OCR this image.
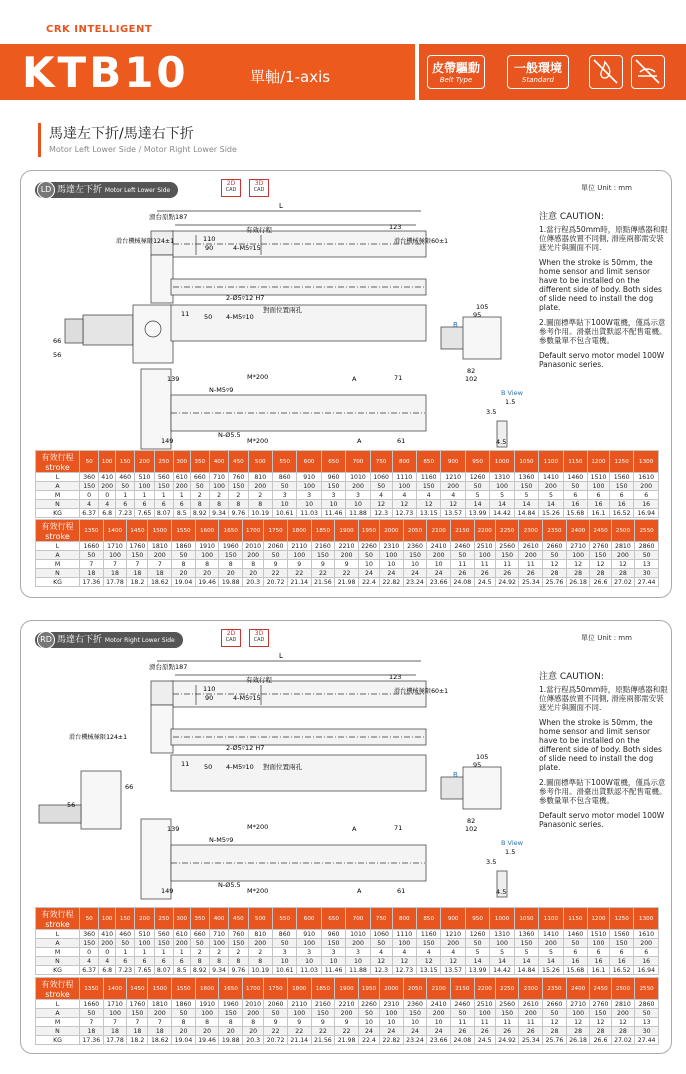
CRK INTELLIGENT
KTB10	單軸/1-axis	皮帶驅動
Belt Type
一般環境
Standard
馬達左下折/馬達右下折
Motor Left Lower Side / Motor Right Lower Side
LD 馬達左下折 Motor Left Lower Side
2D
CAD
3D
CAD	單位 Unit : mm
L
滑台原點187
有效行程	123
滑台機械極限124±1	滑台機械極限60±1
110
90	4-M5▿15
2-Ø5▿12 H7
11 50 4-M5▿10
對面位置兩孔	105
95
B
82
102
66
56
139
N-M5▿9
M*200	A	71
149
N-Ø5.5
M*200	A	61
B View
1.5
3.5
4.5
注意 CAUTION:

1.當行程爲50mm時，原點傳感器和限位傳感器放置不同側, 滑座兩都需安裝遮光片與圖面不同.

When the stroke is 50mm, the home sensor and limit sensor have to be installed on the different side of body. Both sides of slide need to install the dog plate.

2.圖面標準貼下100W電機，僅爲示意參考作用。滑臺出貨默認不配售電機。參數量單不包含電機。

Default servo motor model 100W Panasonic series.

有效行程
stroke	50	100	150	200	250	300	350	400	450	500	550	600	650	700	750	800	850	900	950	1000	1050	1100	1150	1200	1250	1300
L	360	410	460	510	560	610	660	710	760	810	860	910	960	1010	1060	1110	1160	1210	1260	1310	1360	1410	1460	1510	1560	1610
A	150	200	50	100	150	200	50	100	150	200	50	100	150	200	50	100	150	200	50	100	150	200	50	100	150	200
M	0	0	1	1	1	1	2	2	2	2	3	3	3	3	4	4	4	4	5	5	5	5	6	6	6	6
N	4	4	6	6	6	6	8	8	8	8	10	10	10	10	12	12	12	12	14	14	14	14	16	16	16	16
KG	6.37	6.8	7.23	7.65	8.07	8.5	8.92	9.34	9.76	10.19	10.61	11.03	11.46	11.88	12.3	12.73	13.15	13.57	13.99	14.42	14.84	15.26	15.68	16.1	16.52	16.94
有效行程
stroke	1350	1400	1450	1500	1550	1600	1650	1700	1750	1800	1850	1900	1950	2000	2050	2100	2150	2200	2250	2300	2350	2400	2450	2500	2550
L	1660	1710	1760	1810	1860	1910	1960	2010	2060	2110	2160	2210	2260	2310	2360	2410	2460	2510	2560	2610	2660	2710	2760	2810	2860
A	50	100	150	200	50	100	150	200	50	100	150	200	50	100	150	200	50	100	150	200	50	100	150	200	50
M	7	7	7	7	8	8	8	8	9	9	9	9	10	10	10	10	11	11	11	11	12	12	12	12	13
N	18	18	18	18	20	20	20	20	22	22	22	22	24	24	24	24	26	26	26	26	28	28	28	28	30
KG	17.36	17.78	18.2	18.62	19.04	19.46	19.88	20.3	20.72	21.14	21.56	21.98	22.4	22.82	23.24	23.66	24.08	24.5	24.92	25.34	25.76	26.18	26.6	27.02	27.44
RD 馬達右下折 Motor Right Lower Side
2D
CAD
3D
CAD	單位 Unit : mm
L
滑台原點187
有效行程	123
滑台機械極限60±1
110
90	4-M5▿15
滑台機械極限124±1
2-Ø5▿12 H7
11 50 4-M5▿10 對面位置兩孔
105
95
B
82
102
66
56
139
N-M5▿9
M*200	A	71
149
N-Ø5.5
M*200	A	61
B View
1.5
3.5
4.5
注意 CAUTION:

1.當行程爲50mm時，原點傳感器和限位傳感器放置不同側, 滑座兩都需安裝遮光片與圖面不同.

When the stroke is 50mm, the home sensor and limit sensor have to be installed on the different side of body. Both sides of slide need to install the dog plate.

2.圖面標準貼下100W電機，僅爲示意參考作用。滑臺出貨默認不配售電機。參數量單不包含電機。

Default servo motor model 100W Panasonic series.

有效行程
stroke	50	100	150	200	250	300	350	400	450	500	550	600	650	700	750	800	850	900	950	1000	1050	1100	1150	1200	1250	1300
L	360	410	460	510	560	610	660	710	760	810	860	910	960	1010	1060	1110	1160	1210	1260	1310	1360	1410	1460	1510	1560	1610
A	150	200	50	100	150	200	50	100	150	200	50	100	150	200	50	100	150	200	50	100	150	200	50	100	150	200
M	0	0	1	1	1	1	2	2	2	2	3	3	3	3	4	4	4	4	5	5	5	5	6	6	6	6
N	4	4	6	6	6	6	8	8	8	8	10	10	10	10	12	12	12	12	14	14	14	14	16	16	16	16
KG	6.37	6.8	7.23	7.65	8.07	8.5	8.92	9.34	9.76	10.19	10.61	11.03	11.46	11.88	12.3	12.73	13.15	13.57	13.99	14.42	14.84	15.26	15.68	16.1	16.52	16.94
有效行程
stroke	1350	1400	1450	1500	1550	1600	1650	1700	1750	1800	1850	1900	1950	2000	2050	2100	2150	2200	2250	2300	2350	2400	2450	2500	2550
L	1660	1710	1760	1810	1860	1910	1960	2010	2060	2110	2160	2210	2260	2310	2360	2410	2460	2510	2560	2610	2660	2710	2760	2810	2860
A	50	100	150	200	50	100	150	200	50	100	150	200	50	100	150	200	50	100	150	200	50	100	150	200	50
M	7	7	7	7	8	8	8	8	9	9	9	9	10	10	10	10	11	11	11	11	12	12	12	12	13
N	18	18	18	18	20	20	20	20	22	22	22	22	24	24	24	24	26	26	26	26	28	28	28	28	30
KG	17.36	17.78	18.2	18.62	19.04	19.46	19.88	20.3	20.72	21.14	21.56	21.98	22.4	22.82	23.24	23.66	24.08	24.5	24.92	25.34	25.76	26.18	26.6	27.02	27.44
